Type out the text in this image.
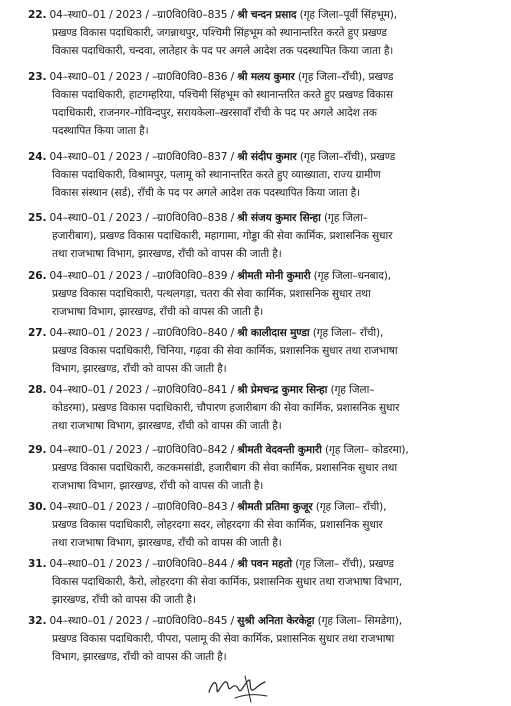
22. 04–स्था0–01 / 2023 / –ग्रा0वि0वि0–835 / श्री चन्दन प्रसाद (गृह जिला–पूर्वी सिंहभूम),
प्रखण्ड विकास पदाधिकारी, जगन्नाथपुर, पश्चिमी सिंहभूम को स्थानान्तरित करते हुए प्रखण्ड
विकास पदाधिकारी, चन्दवा, लातेहार के पद पर अगले आदेश तक पदस्थापित किया जाता है।
23. 04–स्था0–01 / 2023 / –ग्रा0वि0वि0–836 / श्री मलय कुमार (गृह जिला–राँची), प्रखण्ड
विकास पदाधिकारी, हाटगम्हरिया, पश्चिमी सिंहभूम को स्थानान्तरित करते हुए प्रखण्ड विकास
पदाधिकारी, राजनगर–गोविन्दपुर, सरायकेला–खरसावाँ राँची के पद पर अगले आदेश तक
पदस्थापित किया जाता है।
24. 04–स्था0–01 / 2023 / –ग्रा0वि0वि0–837 / श्री संदीप कुमार (गृह जिला–राँची), प्रखण्ड
विकास पदाधिकारी, विश्रामपुर, पलामू को स्थानान्तरित करते हुए व्याख्याता, राज्य ग्रामीण
विकास संस्थान (सर्ड), राँची के पद पर अगले आदेश तक पदस्थापित किया जाता है।
25. 04–स्था0–01 / 2023 / –ग्रा0वि0वि0–838 / श्री संजय कुमार सिन्हा (गृह जिला–
हजारीबाग), प्रखण्ड विकास पदाधिकारी, महागामा, गोड्डा की सेवा कार्मिक, प्रशासनिक सुधार
तथा राजभाषा विभाग, झारखण्ड, राँची को वापस की जाती है।
26. 04–स्था0–01 / 2023 / –ग्रा0वि0वि0–839 / श्रीमती मोनी कुमारी (गृह जिला–धनबाद),
प्रखण्ड विकास पदाधिकारी, पत्थलगड़ा, चतरा की सेवा कार्मिक, प्रशासनिक सुधार तथा
राजभाषा विभाग, झारखण्ड, राँची को वापस की जाती है।
27. 04–स्था0–01 / 2023 / –ग्रा0वि0वि0–840 / श्री कालीदास मुण्डा (गृह जिला– राँची),
प्रखण्ड विकास पदाधिकारी, चिनिया, गढ़वा की सेवा कार्मिक, प्रशासनिक सुधार तथा राजभाषा
विभाग, झारखण्ड, राँची को वापस की जाती है।
28. 04–स्था0–01 / 2023 / –ग्रा0वि0वि0–841 / श्री प्रेमचन्द्र कुमार सिन्हा (गृह जिला–
कोडरमा), प्रखण्ड विकास पदाधिकारी, चौपारण हजारीबाग की सेवा कार्मिक, प्रशासनिक सुधार
तथा राजभाषा विभाग, झारखण्ड, राँची को वापस की जाती है।
29. 04–स्था0–01 / 2023 / –ग्रा0वि0वि0–842 / श्रीमती वेदवन्ती कुमारी (गृह जिला– कोडरमा),
प्रखण्ड विकास पदाधिकारी, कटकमसांडी, हजारीबाग की सेवा कार्मिक, प्रशासनिक सुधार तथा
राजभाषा विभाग, झारखण्ड, राँची को वापस की जाती है।
30. 04–स्था0–01 / 2023 / –ग्रा0वि0वि0–843 / श्रीमती प्रतिमा कुजूर (गृह जिला– राँची),
प्रखण्ड विकास पदाधिकारी, लोहरदगा सदर, लोहरदगा की सेवा कार्मिक, प्रशासनिक सुधार
तथा राजभाषा विभाग, झारखण्ड, राँची को वापस की जाती है।
31. 04–स्था0–01 / 2023 / –ग्रा0वि0वि0–844 / श्री पवन महतो (गृह जिला– राँची), प्रखण्ड
विकास पदाधिकारी, कैरो, लोहरदगा की सेवा कार्मिक, प्रशासनिक सुधार तथा राजभाषा विभाग,
झारखण्ड, राँची को वापस की जाती है।
32. 04–स्था0–01 / 2023 / –ग्रा0वि0वि0–845 / सुश्री अनिता केरकेट्टा (गृह जिला– सिमडेगा),
प्रखण्ड विकास पदाधिकारी, पीपरा, पलामू की सेवा कार्मिक, प्रशासनिक सुधार तथा राजभाषा
विभाग, झारखण्ड, राँची को वापस की जाती है।
